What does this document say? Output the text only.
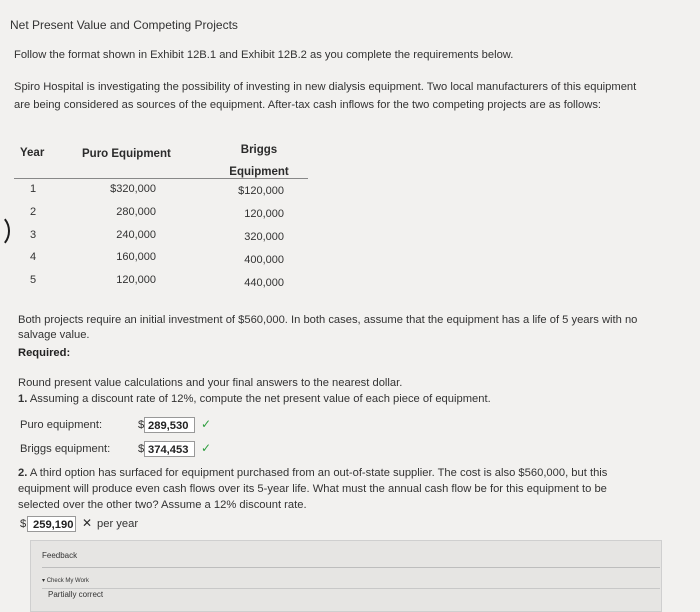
Net Present Value and Competing Projects
Follow the format shown in Exhibit 12B.1 and Exhibit 12B.2 as you complete the requirements below.
Spiro Hospital is investigating the possibility of investing in new dialysis equipment. Two local manufacturers of this equipment
are being considered as sources of the equipment. After-tax cash inflows for the two competing projects are as follows:
Year	Puro Equipment	Briggs
Equipment
1	$320,000	$120,000
2	280,000	120,000
3	240,000	320,000
4	160,000	400,000
5	120,000	440,000
Both projects require an initial investment of $560,000. In both cases, assume that the equipment has a life of 5 years with no
salvage value.
Required:
Round present value calculations and your final answers to the nearest dollar.
1. Assuming a discount rate of 12%, compute the net present value of each piece of equipment.
Puro equipment:	$ 289,530	✓
Briggs equipment: $ 374,453	✓
2. A third option has surfaced for equipment purchased from an out-of-state supplier. The cost is also $560,000, but this
equipment will produce even cash flows over its 5-year life. What must the annual cash flow be for this equipment to be
selected over the other two? Assume a 12% discount rate.
$ 259,190 ✕ per year
Feedback
▾ Check My Work
Partially correct
